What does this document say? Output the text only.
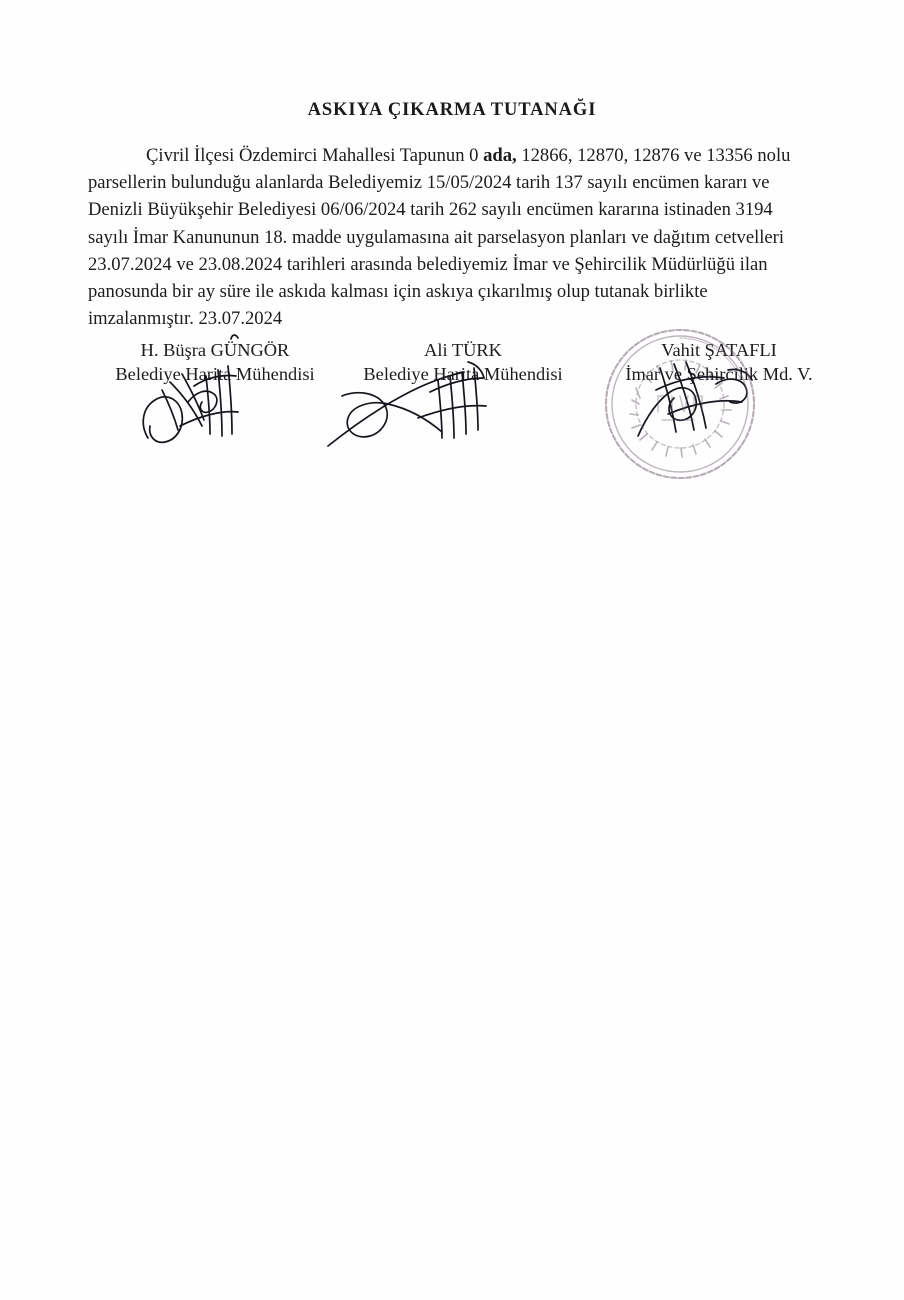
ASKIYA ÇIKARMA TUTANAĞI
Çivril İlçesi Özdemirci Mahallesi Tapunun 0 ada, 12866, 12870, 12876 ve 13356 nolu parsellerin bulunduğu alanlarda Belediyemiz 15/05/2024 tarih 137 sayılı encümen kararı ve Denizli Büyükşehir Belediyesi 06/06/2024 tarih 262 sayılı encümen kararına istinaden 3194 sayılı İmar Kanununun 18. madde uygulamasına ait parselasyon planları ve dağıtım cetvelleri 23.07.2024 ve 23.08.2024 tarihleri arasında belediyemiz İmar ve Şehircilik Müdürlüğü ilan panosunda bir ay süre ile askıda kalması için askıya çıkarılmış olup tutanak birlikte imzalanmıştır. 23.07.2024
H. Büşra GÜNGÖR
Belediye Harita Mühendisi
Ali TÜRK
Belediye Harita Mühendisi
Vahit ŞATAFLI
İmar ve Şehircilik Md. V.
